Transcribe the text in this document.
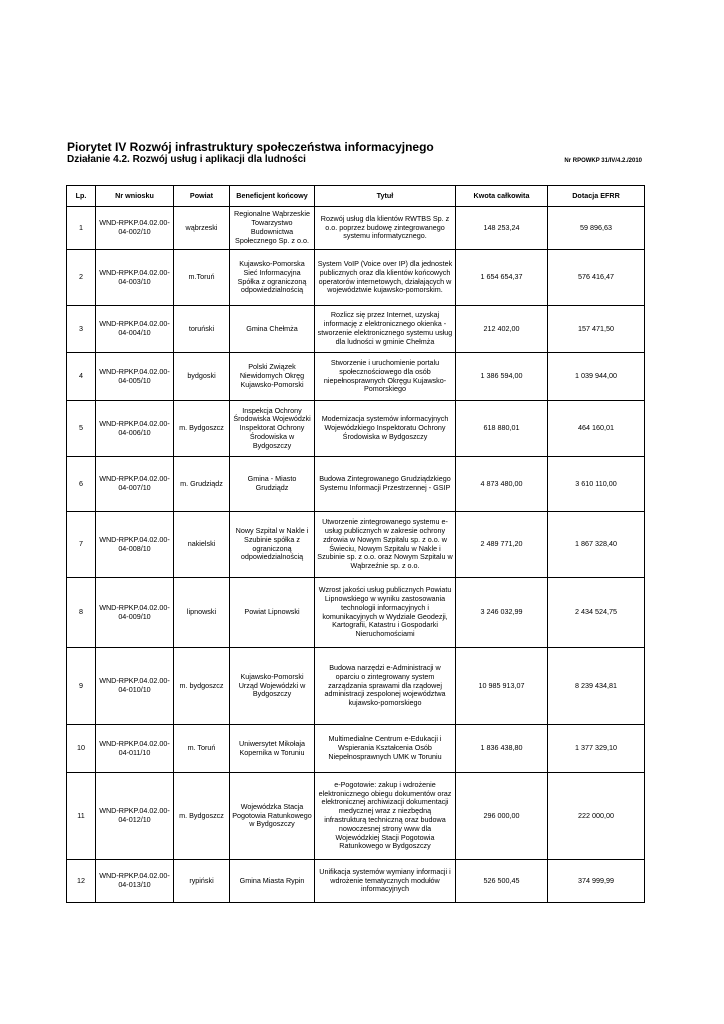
Piorytet IV Rozwój infrastruktury społeczeństwa informacyjnego
Działanie 4.2. Rozwój usług i aplikacji dla ludności	Nr RPOWKP 31/IV/4.2./2010
Lp.	Nr wniosku	Powiat	Beneficjent końcowy	Tytuł	Kwota całkowita	Dotacja EFRR
1	WND-RPKP.04.02.00-04-002/10	wąbrzeski	Regionalne Wąbrzeskie Towarzystwo Budownictwa Społecznego Sp. z o.o.	Rozwój usług dla klientów RWTBS Sp. z o.o. poprzez budowę zintegrowanego systemu informatycznego.	148 253,24	59 896,63
2	WND-RPKP.04.02.00-04-003/10	m.Toruń	Kujawsko-Pomorska Sieć Informacyjna Spółka z ograniczoną odpowiedzialnością	System VoIP (Voice over IP) dla jednostek publicznych oraz dla klientów końcowych operatorów internetowych, działających w województwie kujawsko-pomorskim.	1 654 654,37	576 416,47
3	WND-RPKP.04.02.00-04-004/10	toruński	Gmina Chełmża	Rozlicz się przez Internet, uzyskaj informację z elektronicznego okienka - stworzenie elektronicznego systemu usług dla ludności w gminie Chełmża	212 402,00	157 471,50
4	WND-RPKP.04.02.00-04-005/10	bydgoski	Polski Związek Niewidomych Okręg Kujawsko-Pomorski	Stworzenie i uruchomienie portalu społecznościowego dla osób niepełnosprawnych Okręgu Kujawsko-Pomorskiego	1 386 594,00	1 039 944,00
5	WND-RPKP.04.02.00-04-006/10	m. Bydgoszcz	Inspekcja Ochrony Środowiska Wojewódzki Inspektorat Ochrony Środowiska w Bydgoszczy	Modernizacja systemów informacyjnych Wojewódzkiego Inspektoratu Ochrony Środowiska w Bydgoszczy	618 880,01	464 160,01
6	WND-RPKP.04.02.00-04-007/10	m. Grudziądz	Gmina - Miasto Grudziądz	Budowa Zintegrowanego Grudziądzkiego Systemu Informacji Przestrzennej - GSIP	4 873 480,00	3 610 110,00
7	WND-RPKP.04.02.00-04-008/10	nakielski	Nowy Szpital w Nakle i Szubinie spółka z ograniczoną odpowiedzialnością	Utworzenie zintegrowanego systemu e-usług publicznych w zakresie ochrony zdrowia w Nowym Szpitalu sp. z o.o. w Świeciu, Nowym Szpitalu w Nakle i Szubinie sp. z o.o. oraz Nowym Szpitalu w Wąbrzeźnie sp. z o.o.	2 489 771,20	1 867 328,40
8	WND-RPKP.04.02.00-04-009/10	lipnowski	Powiat Lipnowski	Wzrost jakości usług publicznych Powiatu Lipnowskiego w wyniku zastosowania technologii informacyjnych i komunikacyjnych w Wydziale Geodezji, Kartografii, Katastru i Gospodarki Nieruchomościami	3 246 032,99	2 434 524,75
9	WND-RPKP.04.02.00-04-010/10	m. bydgoszcz	Kujawsko-Pomorski Urząd Wojewódzki w Bydgoszczy	Budowa narzędzi e-Administracji w oparciu o zintegrowany system zarządzania sprawami dla rządowej administracji zespolonej województwa kujawsko-pomorskiego	10 985 913,07	8 239 434,81
10	WND-RPKP.04.02.00-04-011/10	m. Toruń	Uniwersytet Mikołaja Kopernika w Toruniu	Multimedialne Centrum e-Edukacji i Wspierania Kształcenia Osób Niepełnosprawnych UMK w Toruniu	1 836 438,80	1 377 329,10
11	WND-RPKP.04.02.00-04-012/10	m. Bydgoszcz	Wojewódzka Stacja Pogotowia Ratunkowego w Bydgoszczy	e-Pogotowie: zakup i wdrożenie elektronicznego obiegu dokumentów oraz elektronicznej archiwizacji dokumentacji medycznej wraz z niezbędną infrastrukturą techniczną oraz budowa nowoczesnej strony www dla Wojewódzkiej Stacji Pogotowia Ratunkowego w Bydgoszczy	296 000,00	222 000,00
12	WND-RPKP.04.02.00-04-013/10	rypiński	Gmina Miasta Rypin	Unifikacja systemów wymiany informacji i wdrożenie tematycznych modułów informacyjnych	526 500,45	374 999,99
